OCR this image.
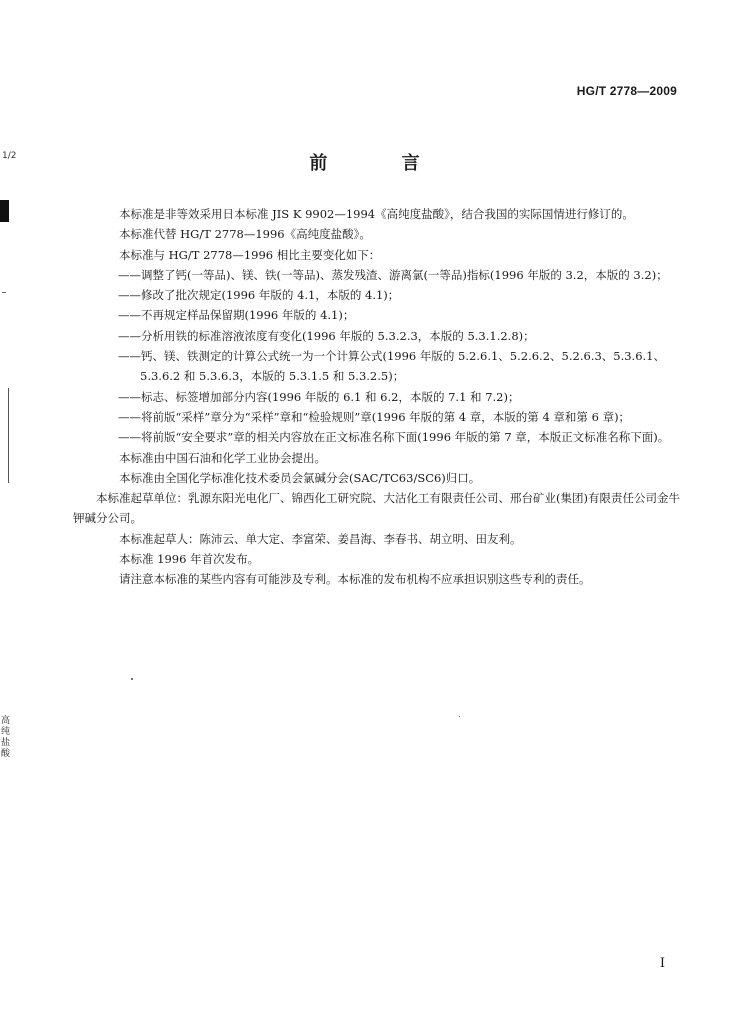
1/2
高纯盐酸
HG/T 2778—2009
前 言

本标准是非等效采用日本标准 JIS K 9902—1994《高纯度盐酸》，结合我国的实际国情进行修订的。

本标准代替 HG/T 2778—1996《高纯度盐酸》。

本标准与 HG/T 2778—1996 相比主要变化如下：

——调整了钙(一等品)、镁、铁(一等品)、蒸发残渣、游离氯(一等品)指标(1996 年版的 3.2，本版的 3.2)；

——修改了批次规定(1996 年版的 4.1，本版的 4.1)；

——不再规定样品保留期(1996 年版的 4.1)；

——分析用铁的标准溶液浓度有变化(1996 年版的 5.3.2.3，本版的 5.3.1.2.8)；

——钙、镁、铁测定的计算公式统一为一个计算公式(1996 年版的 5.2.6.1、5.2.6.2、5.2.6.3、5.3.6.1、5.3.6.2 和 5.3.6.3，本版的 5.3.1.5 和 5.3.2.5)；

——标志、标签增加部分内容(1996 年版的 6.1 和 6.2，本版的 7.1 和 7.2)；

——将前版“采样”章分为“采样”章和“检验规则”章(1996 年版的第 4 章，本版的第 4 章和第 6 章)；

——将前版“安全要求”章的相关内容放在正文标准名称下面(1996 年版的第 7 章，本版正文标准名称下面)。

本标准由中国石油和化学工业协会提出。

本标准由全国化学标准化技术委员会氯碱分会(SAC/TC63/SC6)归口。

本标准起草单位：乳源东阳光电化厂、锦西化工研究院、大沽化工有限责任公司、邢台矿业(集团)有限责任公司金牛钾碱分公司。

本标准起草人：陈沛云、单大定、李富荣、姜昌海、李春书、胡立明、田友利。

本标准 1996 年首次发布。

请注意本标准的某些内容有可能涉及专利。本标准的发布机构不应承担识别这些专利的责任。

I
